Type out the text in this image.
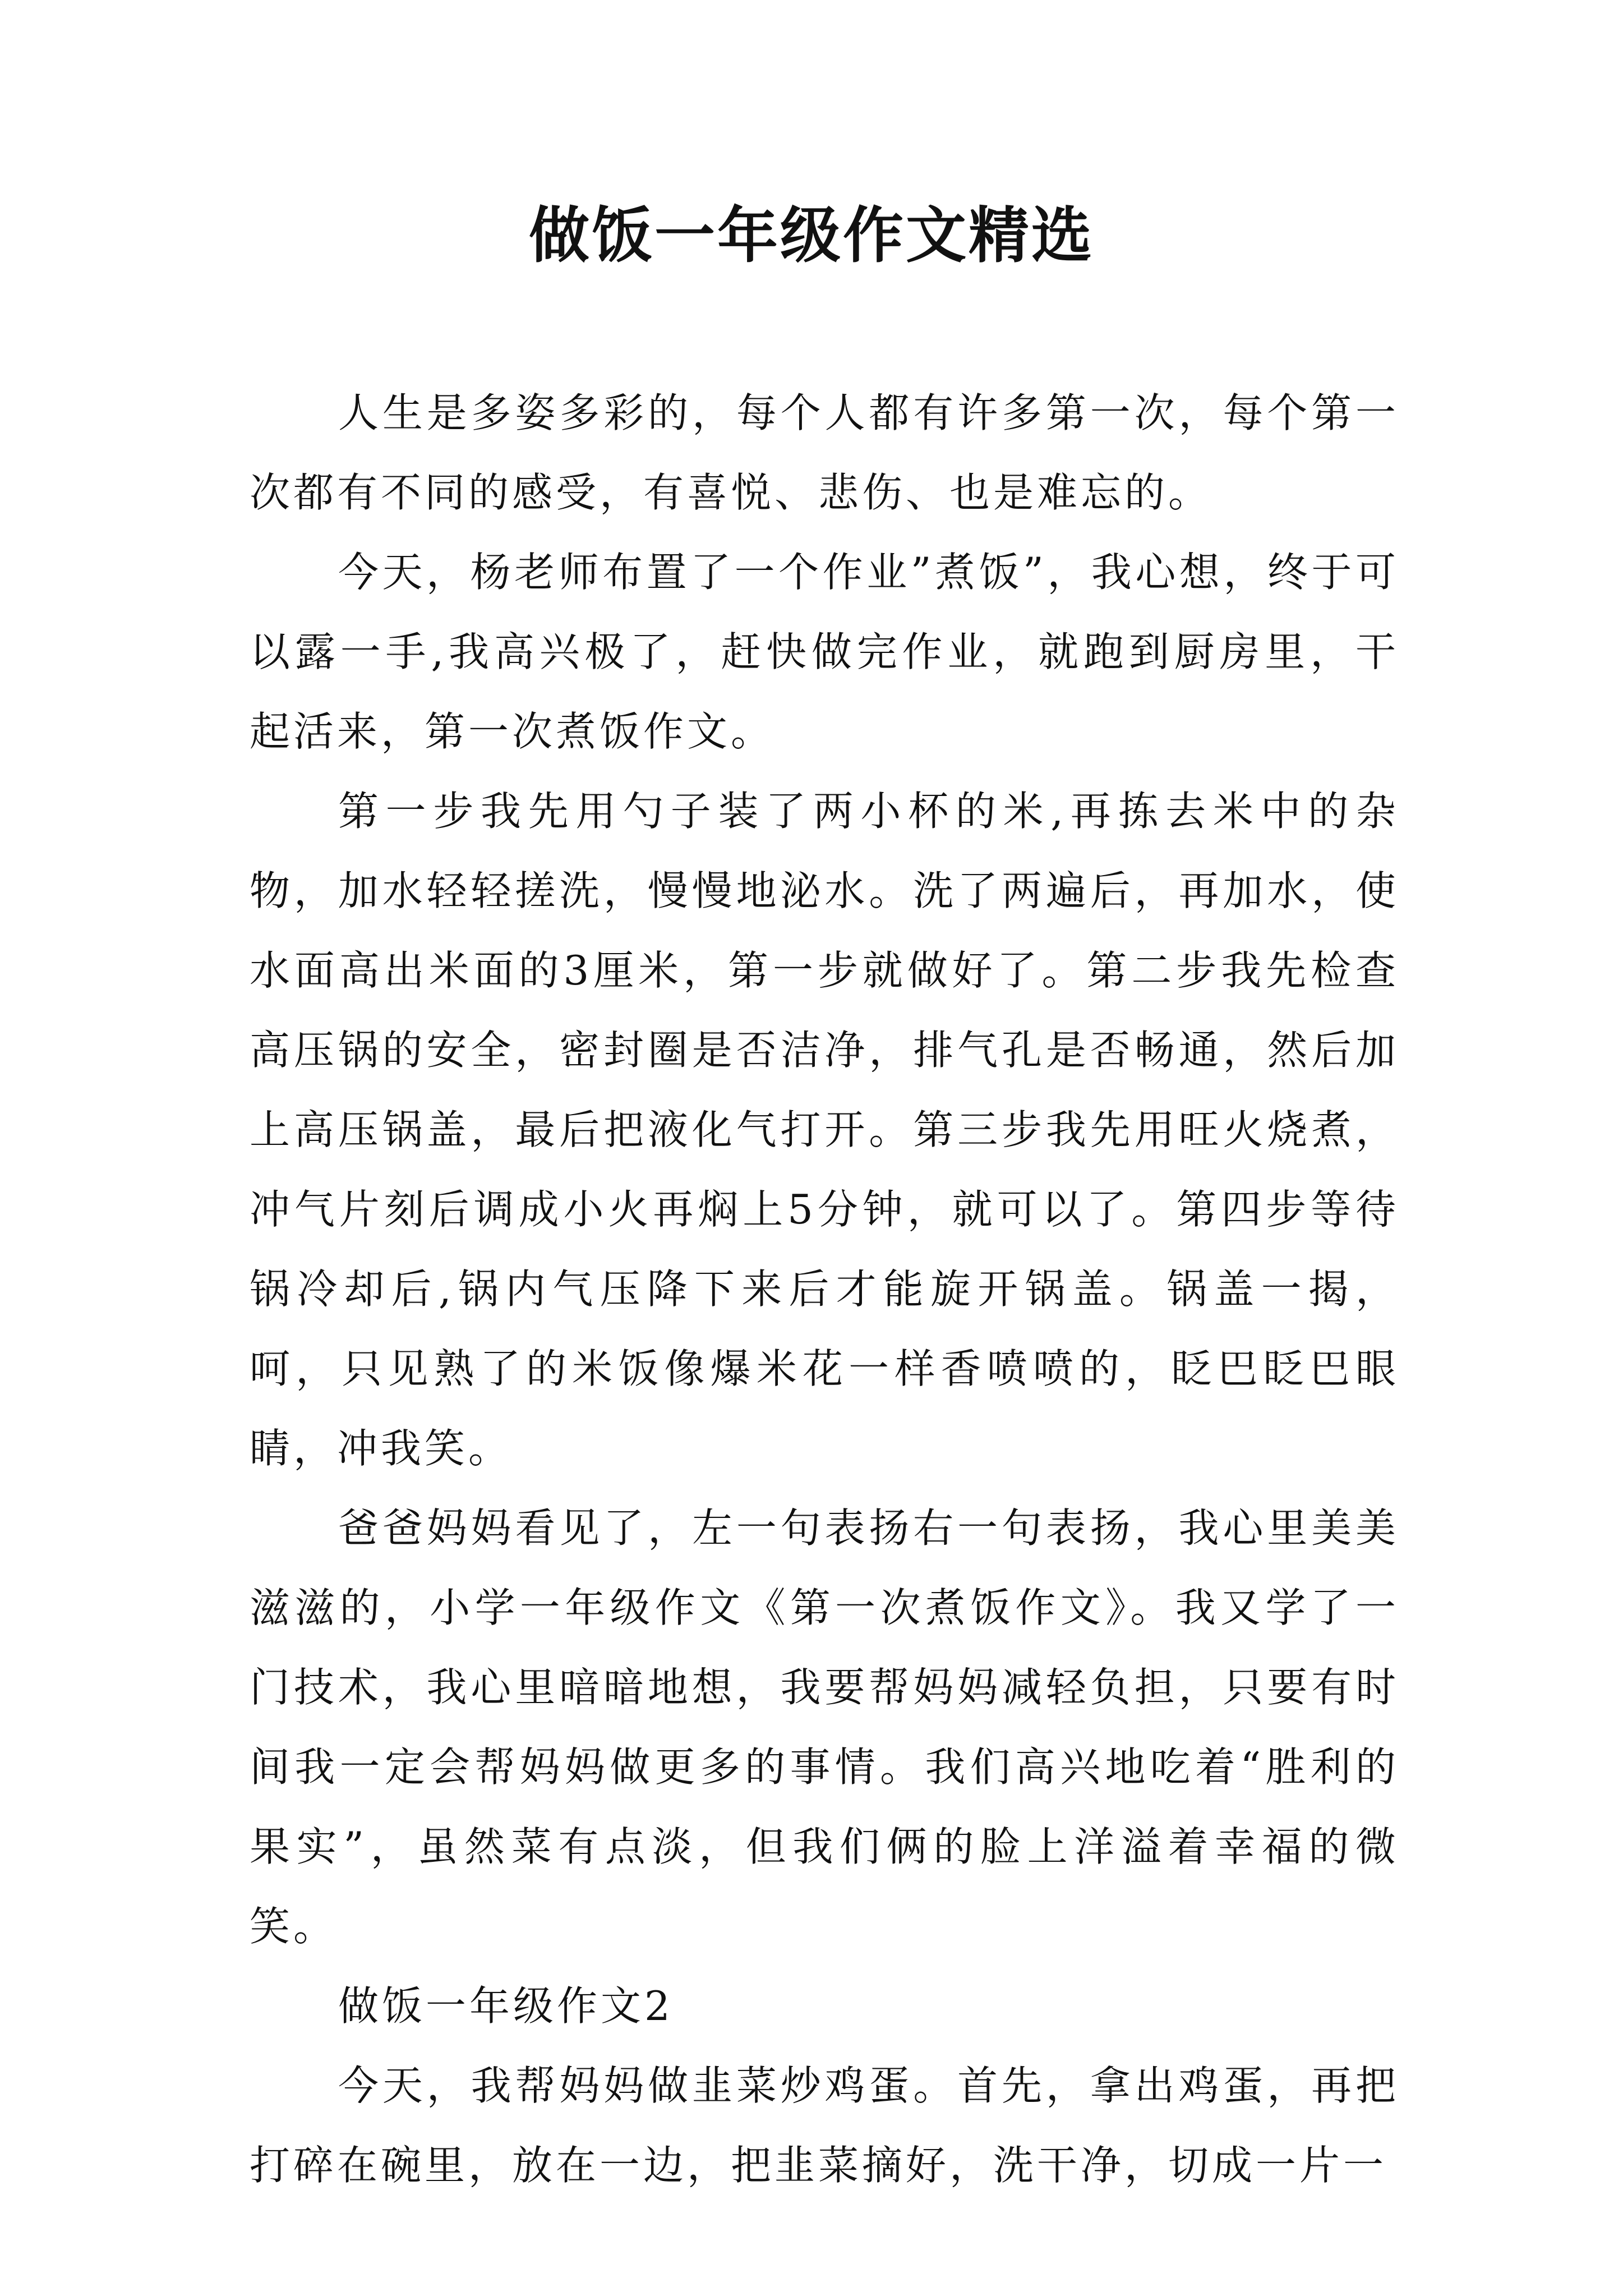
做饭一年级作文精选

人生是多姿多彩的，每个人都有许多第一次，每个第一次都有不同的感受，有喜悦、悲伤、也是难忘的。

今天，杨老师布置了一个作业”煮饭”，我心想，终于可以露一手,我高兴极了，赶快做完作业，就跑到厨房里，干起活来，第一次煮饭作文。

第一步我先用勺子装了两小杯的米,再拣去米中的杂物，加水轻轻搓洗，慢慢地泌水。洗了两遍后，再加水，使水面高出米面的3厘米，第一步就做好了。第二步我先检查高压锅的安全，密封圈是否洁净，排气孔是否畅通，然后加上高压锅盖，最后把液化气打开。第三步我先用旺火烧煮，冲气片刻后调成小火再焖上5分钟，就可以了。第四步等待锅冷却后,锅内气压降下来后才能旋开锅盖。锅盖一揭，呵，只见熟了的米饭像爆米花一样香喷喷的，眨巴眨巴眼睛，冲我笑。

爸爸妈妈看见了，左一句表扬右一句表扬，我心里美美滋滋的，小学一年级作文《第一次煮饭作文》。我又学了一门技术，我心里暗暗地想，我要帮妈妈减轻负担，只要有时间我一定会帮妈妈做更多的事情。我们高兴地吃着“胜利的果实”，虽然菜有点淡，但我们俩的脸上洋溢着幸福的微笑。

做饭一年级作文2

今天，我帮妈妈做韭菜炒鸡蛋。首先，拿出鸡蛋，再把打碎在碗里，放在一边，把韭菜摘好，洗干净，切成一片一
